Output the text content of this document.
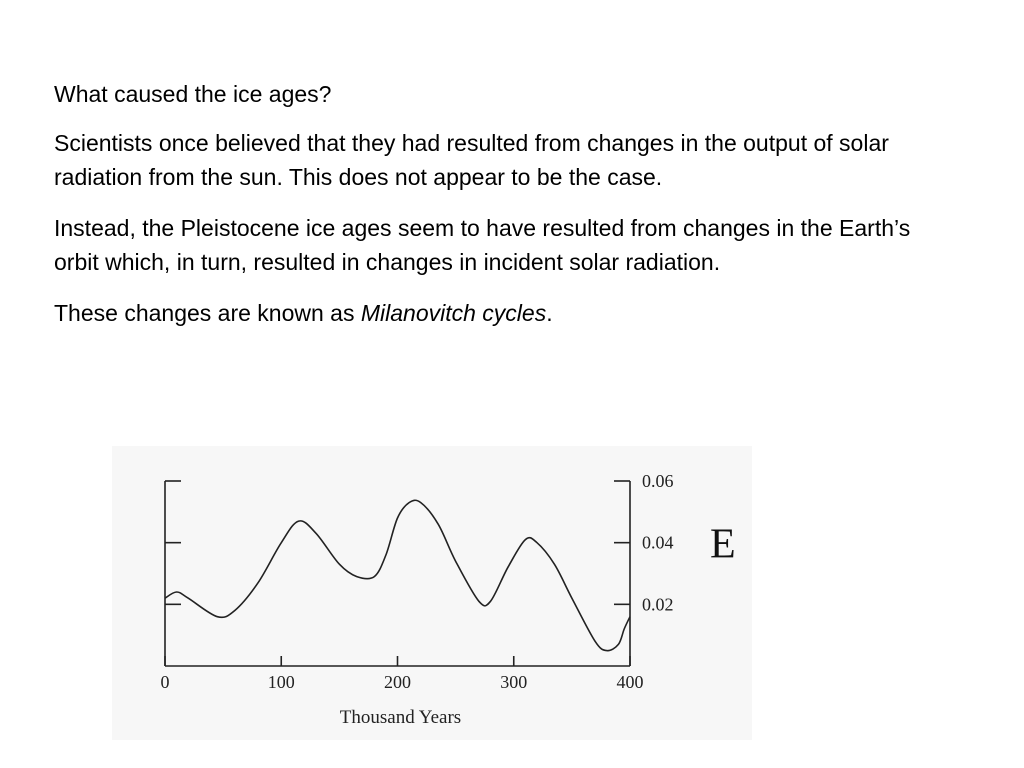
What caused the ice ages?

Scientists once believed that they had resulted from changes in the output of solar radiation from the sun. This does not appear to be the case.

Instead, the Pleistocene ice ages seem to have resulted from changes in the Earth’s orbit which, in turn, resulted in changes in incident solar radiation.

These changes are known as Milanovitch cycles.

0	100	200	300	400
0.02
0.04
0.06
Thousand Years
E
